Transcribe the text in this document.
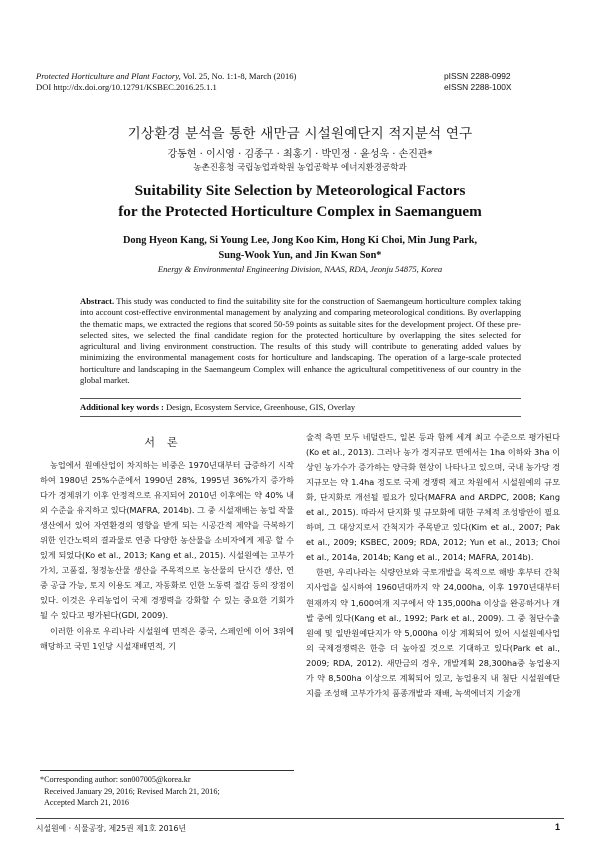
Protected Horticulture and Plant Factory, Vol. 25, No. 1:1-8, March (2016)
DOI http://dx.doi.org/10.12791/KSBEC.2016.25.1.1
pISSN 2288-0992
eISSN 2288-100X
기상환경 분석을 통한 새만금 시설원예단지 적지분석 연구
강동현 · 이시영 · 김종구 · 최홍기 · 박민정 · 윤성욱 · 손진관*
농촌진흥청 국립농업과학원 농업공학부 에너지환경공학과
Suitability Site Selection by Meteorological Factors
for the Protected Horticulture Complex in Saemanguem
Dong Hyeon Kang, Si Young Lee, Jong Koo Kim, Hong Ki Choi, Min Jung Park,
Sung-Wook Yun, and Jin Kwan Son*
Energy & Environmental Engineering Division, NAAS, RDA, Jeonju 54875, Korea
Abstract. This study was conducted to find the suitability site for the construction of Saemangeum horticulture complex taking into account cost-effective environmental management by analyzing and comparing meteorological conditions. By overlapping the thematic maps, we extracted the regions that scored 50-59 points as suitable sites for the development project. Of these pre-selected sites, we selected the final candidate region for the protected horticulture by overlapping the sites selected for agricultural and living environment construction. The results of this study will contribute to generating added values by minimizing the environmental management costs for horticulture and landscaping. The operation of a large-scale protected horticulture and landscaping in the Saemangeum Complex will enhance the agricultural competitiveness of our country in the global market.
Additional key words : Design, Ecosystem Service, Greenhouse, GIS, Overlay
서론

농업에서 원예산업이 차지하는 비중은 1970년대부터 급증하기 시작하여 1980년 25%수준에서 1990년 28%, 1995년 36%가지 증가하다가 경제위기 이후 안정적으로 유지되어 2010년 이후에는 약 40% 내외 수준을 유지하고 있다(MAFRA, 2014b). 그 중 시설재배는 농업 작물 생산에서 있어 자연환경의 영향을 받게 되는 시공간적 제약을 극복하기 위한 인간노력의 결과물로 연중 다양한 농산물을 소비자에게 제공 할 수 있게 되었다(Ko et al., 2013; Kang et al., 2015). 시설원예는 고부가가치, 고품질, 청정농산물 생산을 주목적으로 농산물의 단시간 생산, 연중 공급 가능, 토지 이용도 제고, 자동화로 인한 노동력 절감 등의 장점이 있다. 이것은 우리농업이 국제 경쟁력을 강화할 수 있는 중요한 기회가 될 수 있다고 평가된다(GDI, 2009).

이러한 이유로 우리나라 시설원예 면적은 중국, 스페인에 이어 3위에 해당하고 국민 1인당 시설재배면적, 기

술적 측면 모두 네덜란드, 일본 등과 함께 세계 최고 수준으로 평가된다(Ko et al., 2013). 그러나 농가 경지규모 면에서는 1ha 이하와 3ha 이상인 농가수가 증가하는 양극화 현상이 나타나고 있으며, 국내 농가당 경지규모는 약 1.4ha 정도로 국제 경쟁력 제고 차원에서 시설원예의 규모화, 단지화로 개선될 필요가 있다(MAFRA and ARDPC, 2008; Kang et al., 2015). 따라서 단지화 및 규모화에 대한 구체적 조성방안이 필요하며, 그 대상지로서 간척지가 주목받고 있다(Kim et al., 2007; Pak et al., 2009; KSBEC, 2009; RDA, 2012; Yun et al., 2013; Choi et al., 2014a, 2014b; Kang et al., 2014; MAFRA, 2014b).

한편, 우리나라는 식량안보와 국토개발을 목적으로 해방 후부터 간척지사업을 실시하여 1960년대까지 약 24,000ha, 이후 1970년대부터 현재까지 약 1,600여개 지구에서 약 135,000ha 이상을 완공하거나 개발 중에 있다(Kang et al., 1992; Park et al., 2009). 그 중 첨단수출원예 및 일반원예단지가 약 5,000ha 이상 계획되어 있어 시설원예사업의 국제경쟁력은 한층 더 높아질 것으로 기대하고 있다(Park et al., 2009; RDA, 2012). 새만금의 경우, 개발계획 28,300ha중 농업용지가 약 8,500ha 이상으로 계획되어 있고, 농업용지 내 첨단 시설원예단지를 조성해 고부가가치 품종개발과 재배, 녹색에너지 기술개

*Corresponding author: son007005@korea.kr
Received January 29, 2016; Revised March 21, 2016;
Accepted March 21, 2016
시설원예 · 식물공장, 제25권 제1호 2016년	1
